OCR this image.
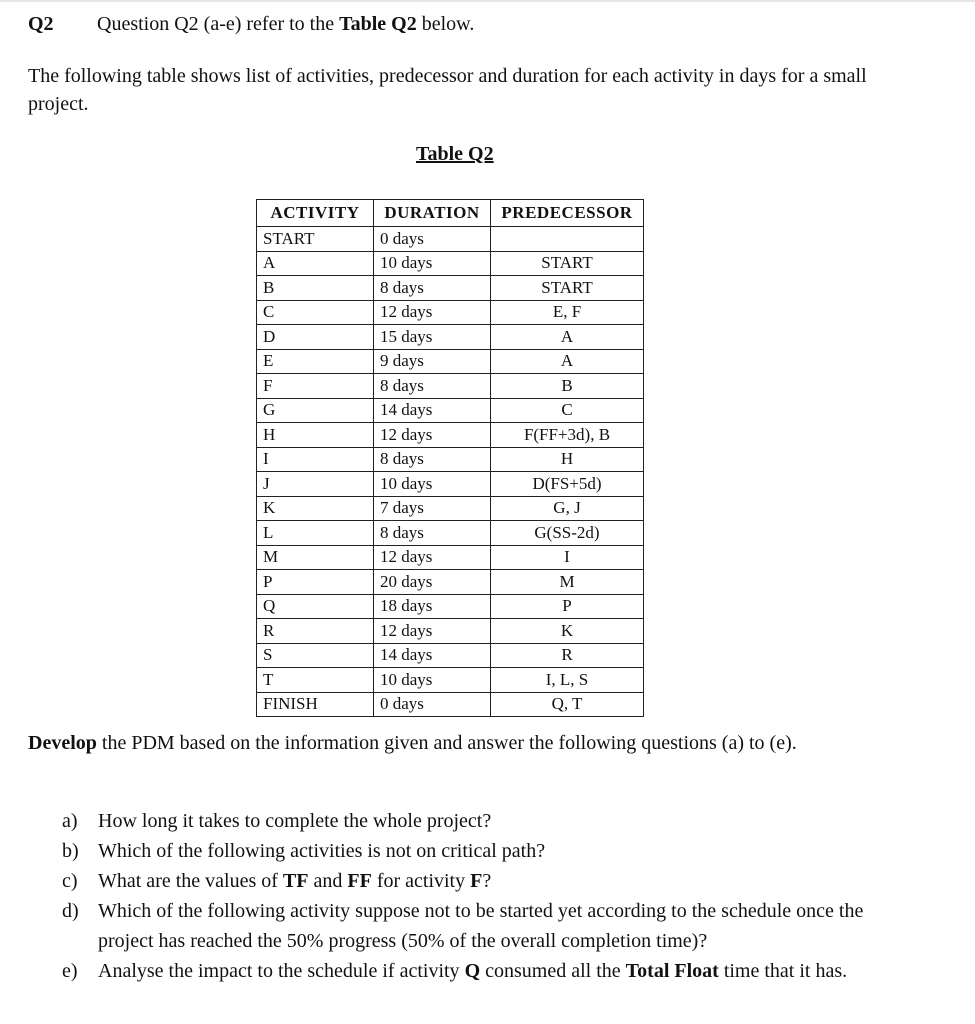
Q2 Question Q2 (a-e) refer to the Table Q2 below.
The following table shows list of activities, predecessor and duration for each activity in days for a small project.
Table Q2
ACTIVITY	DURATION	PREDECESSOR
START	0 days	
A	10 days	START
B	8 days	START
C	12 days	E, F
D	15 days	A
E	9 days	A
F	8 days	B
G	14 days	C
H	12 days	F(FF+3d), B
I	8 days	H
J	10 days	D(FS+5d)
K	7 days	G, J
L	8 days	G(SS-2d)
M	12 days	I
P	20 days	M
Q	18 days	P
R	12 days	K
S	14 days	R
T	10 days	I, L, S
FINISH	0 days	Q, T
Develop the PDM based on the information given and answer the following questions (a) to (e).
a) How long it takes to complete the whole project?
b) Which of the following activities is not on critical path?
c) What are the values of TF and FF for activity F?
d) Which of the following activity suppose not to be started yet according to the schedule once the project has reached the 50% progress (50% of the overall completion time)?
e) Analyse the impact to the schedule if activity Q consumed all the Total Float time that it has.
